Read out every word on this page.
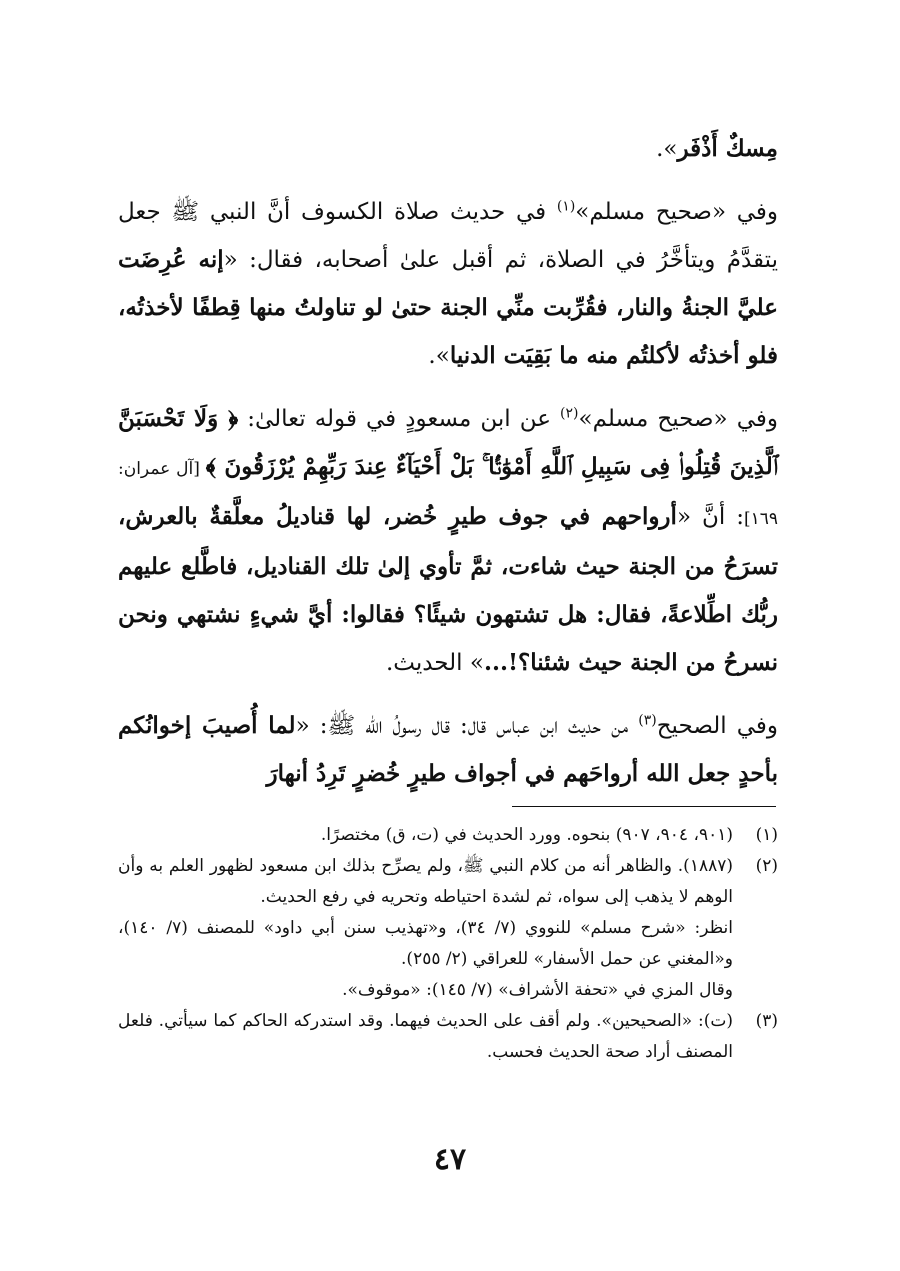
مِسكٌ أَذْفَر».

وفي «صحيح مسلم»$^{(١)}$ في حديث صلاة الكسوف أنَّ النبي ﷺ جعل يتقدَّمُ ويتأخَّرُ في الصلاة، ثم أقبل علىٰ أصحابه، فقال: «إنه عُرِضَت عليَّ الجنةُ والنار، فقُرِّبت منِّي الجنة حتىٰ لو تناولتُ منها قِطفًا لأخذتُه، فلو أخذتُه لأكلتُم منه ما بَقِيَت الدنيا».

وفي «صحيح مسلم»$^{(٢)}$ عن ابن مسعودٍ في قوله تعالىٰ: ﴿ وَلَا تَحْسَبَنَّ ٱلَّذِينَ قُتِلُوا۟ فِى سَبِيلِ ٱللَّهِ أَمْوَٰتًۢا ۚ بَلْ أَحْيَآءٌ عِندَ رَبِّهِمْ يُرْزَقُونَ ﴾ [آل عمران: ١٦٩]: أنَّ «أرواحهم في جوف طيرٍ خُضر، لها قناديلُ معلَّقةٌ بالعرش، تسرَحُ من الجنة حيث شاءت، ثمَّ تأوي إلىٰ تلك القناديل، فاطَّلع عليهم ربُّك اطِّلاعةً، فقال: هل تشتهون شيئًا؟ فقالوا: أيَّ شيءٍ نشتهي ونحن نسرحُ من الجنة حيث شئنا؟!...» الحديث.

وفي الصحيح$^{(٣)}$ من حديث ابن عباس قال: قال رسولُ الله ﷺ: «لما أُصيبَ إخوانُكم بأحدٍ جعل الله أرواحَهم في أجواف طيرٍ خُضرٍ تَرِدُ أنهارَ

(١)
(٩٠١، ٩٠٤، ٩٠٧) بنحوه. وورد الحديث في (ت، ق) مختصرًا.
(٢)
(١٨٨٧). والظاهر أنه من كلام النبي ﷺ، ولم يصرِّح بذلك ابن مسعود لظهور العلم به وأن الوهم لا يذهب إلى سواه، ثم لشدة احتياطه وتحريه في رفع الحديث.
انظر: «شرح مسلم» للنووي (٧/ ٣٤)، و«تهذيب سنن أبي داود» للمصنف (٧/ ١٤٠)، و«المغني عن حمل الأسفار» للعراقي (٢/ ٢٥٥).
وقال المزي في «تحفة الأشراف» (٧/ ١٤٥): «موقوف».
(٣)
(ت): «الصحيحين». ولم أقف على الحديث فيهما. وقد استدركه الحاكم كما سيأتي. فلعل المصنف أراد صحة الحديث فحسب.
٤٧
